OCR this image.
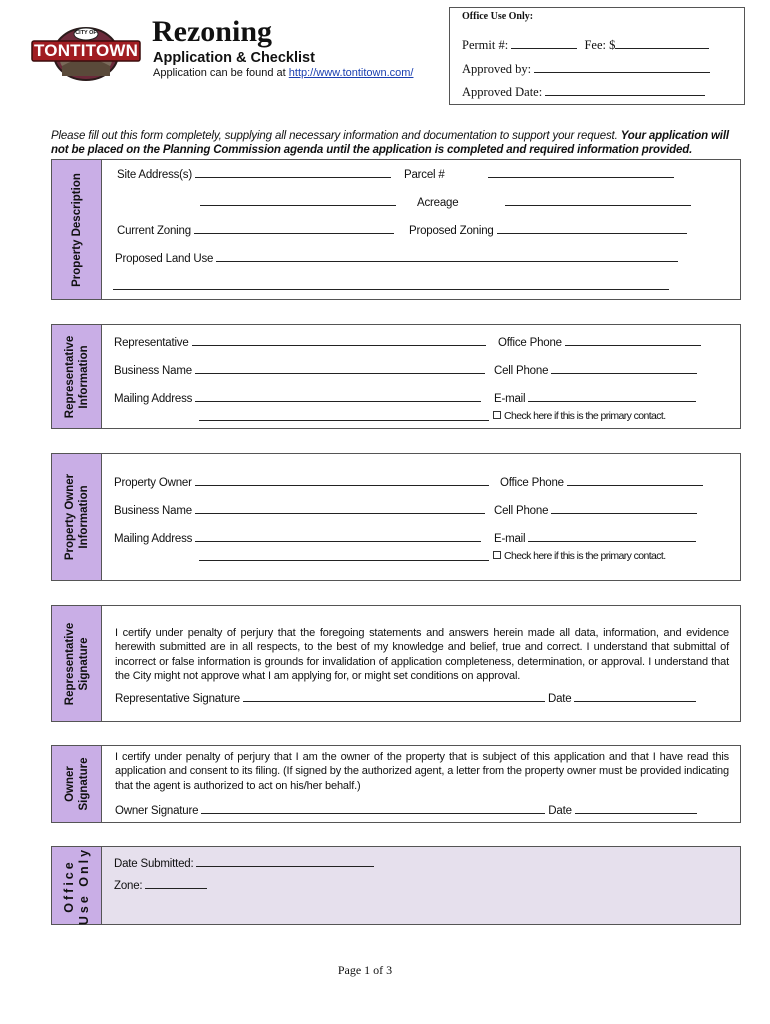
CITY OF
TONTITOWN
Rezoning
Application & Checklist
Application can be found at http://www.tontitown.com/
Office Use Only:
Permit #:	Fee: $
Approved by:
Approved Date:
Please fill out this form completely, supplying all necessary information and documentation to support your request. Your application will not be placed on the Planning Commission agenda until the application is completed and required information provided.
Property Description	Site Address(s)	Parcel #
Acreage
Current Zoning	Proposed Zoning
Proposed Land Use
Representative Information
Representative	Office Phone
Business Name	Cell Phone
Mailing Address	E-mail
Check here if this is the primary contact.
Property Owner Information
Property Owner	Office Phone
Business Name	Cell Phone
Mailing Address	E-mail
Check here if this is the primary contact.
Representative Signature
I certify under penalty of perjury that the foregoing statements and answers herein made all data, information, and evidence herewith submitted are in all respects, to the best of my knowledge and belief, true and correct. I understand that submittal of incorrect or false information is grounds for invalidation of application completeness, determination, or approval. I understand that the City might not approve what I am applying for, or might set conditions on approval.
Representative Signature	Date
Owner Signature
I certify under penalty of perjury that I am the owner of the property that is subject of this application and that I have read this application and consent to its filing. (If signed by the authorized agent, a letter from the property owner must be provided indicating that the agent is authorized to act on his/her behalf.)
Owner Signature	Date
Office Use Only Date Submitted:
Zone:
Page 1 of 3
